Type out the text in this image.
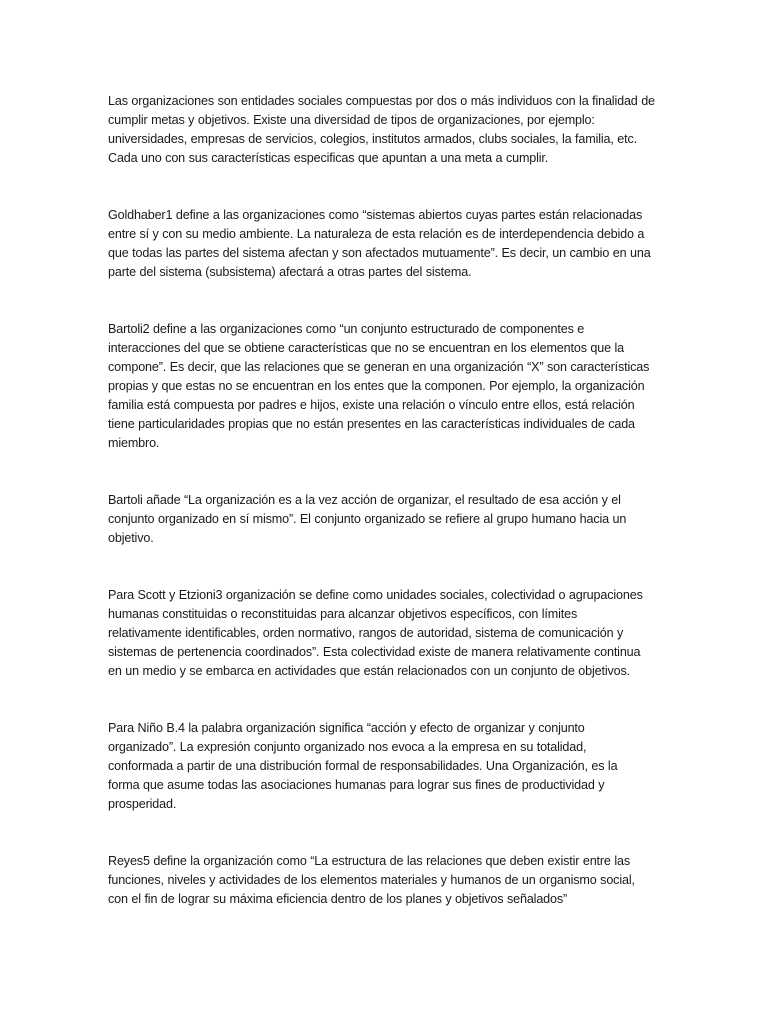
Las organizaciones son entidades sociales compuestas por dos o más individuos con la finalidad de
cumplir metas y objetivos. Existe una diversidad de tipos de organizaciones, por ejemplo:
universidades, empresas de servicios, colegios, institutos armados, clubs sociales, la familia, etc.
Cada uno con sus características especificas que apuntan a una meta a cumplir.
Goldhaber1 define a las organizaciones como “sistemas abiertos cuyas partes están relacionadas
entre sí y con su medio ambiente. La naturaleza de esta relación es de interdependencia debido a
que todas las partes del sistema afectan y son afectados mutuamente”. Es decir, un cambio en una
parte del sistema (subsistema) afectará a otras partes del sistema.
Bartoli2 define a las organizaciones como “un conjunto estructurado de componentes e
interacciones del que se obtiene características que no se encuentran en los elementos que la
compone”. Es decir, que las relaciones que se generan en una organización “X” son características
propias y que estas no se encuentran en los entes que la componen. Por ejemplo, la organización
familia está compuesta por padres e hijos, existe una relación o vínculo entre ellos, está relación
tiene particularidades propias que no están presentes en las características individuales de cada
miembro.
Bartoli añade “La organización es a la vez acción de organizar, el resultado de esa acción y el
conjunto organizado en sí mismo”. El conjunto organizado se refiere al grupo humano hacia un
objetivo.
Para Scott y Etzioni3 organización se define como unidades sociales, colectividad o agrupaciones
humanas constituidas o reconstituidas para alcanzar objetivos específicos, con límites
relativamente identificables, orden normativo, rangos de autoridad, sistema de comunicación y
sistemas de pertenencia coordinados”. Esta colectividad existe de manera relativamente continua
en un medio y se embarca en actividades que están relacionados con un conjunto de objetivos.
Para Niño B.4 la palabra organización significa “acción y efecto de organizar y conjunto
organizado”. La expresión conjunto organizado nos evoca a la empresa en su totalidad,
conformada a partir de una distribución formal de responsabilidades. Una Organización, es la
forma que asume todas las asociaciones humanas para lograr sus fines de productividad y
prosperidad.
Reyes5 define la organización como “La estructura de las relaciones que deben existir entre las
funciones, niveles y actividades de los elementos materiales y humanos de un organismo social,
con el fin de lograr su máxima eficiencia dentro de los planes y objetivos señalados”
